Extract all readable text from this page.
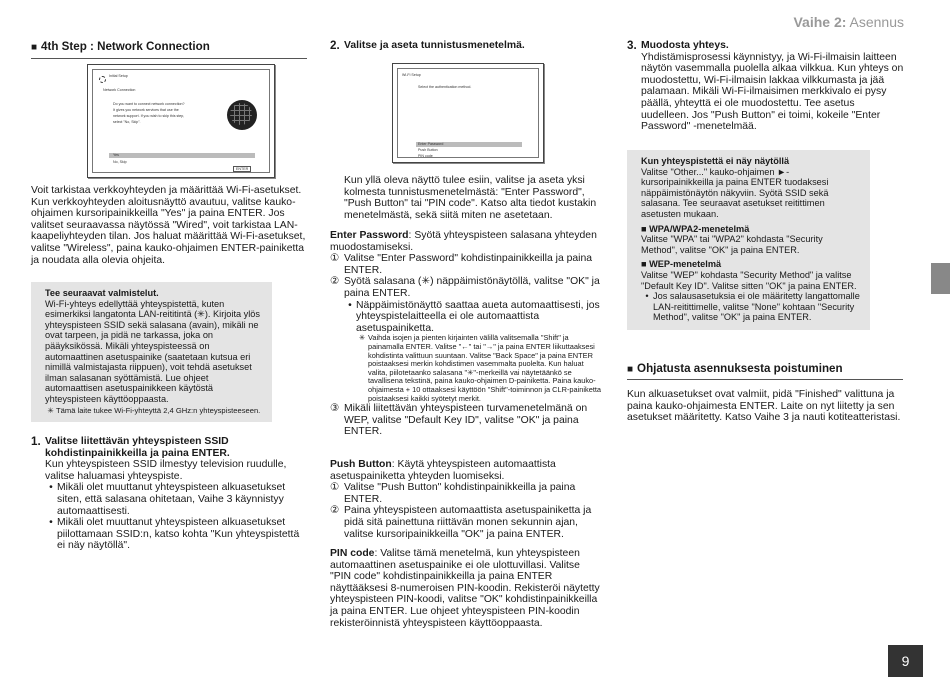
Vaihe 2: Asennus
■ 4th Step : Network Connection
Initial Setup
Network Connection
Do you want to connect network connection?
It gives you network services that use the
network support. If you wish to skip this step,
select "No, Skip".
Yes
No, Skip
ENTER

Voit tarkistaa verkkoyhteyden ja määrittää Wi-Fi-asetukset. Kun verkkoyhteyden aloitusnäyttö avautuu, valitse kauko-ohjaimen kursoripainikkeilla "Yes" ja paina ENTER. Jos valitset seuraavassa näytössä "Wired", voit tarkistaa LAN-kaapeliyhteyden tilan. Jos haluat määrittää Wi-Fi-asetukset, valitse "Wireless", paina kauko-ohjaimen ENTER-painiketta ja noudata alla olevia ohjeita.

Tee seuraavat valmistelut.
Wi-Fi-yhteys edellyttää yhteyspistettä, kuten esimerkiksi langatonta LAN-reititintä (✳). Kirjoita ylös yhteyspisteen SSID sekä salasana (avain), mikäli ne ovat tarpeen, ja pidä ne tarkassa, joka on pääyksikössä. Mikäli yhteyspisteessä on automaattinen asetuspainike (saatetaan kutsua eri nimillä valmistajasta riippuen), voit tehdä asetukset ilman salasanan syöttämistä. Lue ohjeet automaattisen asetuspainikkeen käytöstä yhteyspisteen käyttöoppaasta.
✳ Tämä laite tukee Wi-Fi-yhteyttä 2,4 GHz:n yhteyspisteeseen.
1. Valitse liitettävän yhteyspisteen SSID kohdistinpainikkeilla ja paina ENTER.

Kun yhteyspisteen SSID ilmestyy television ruudulle, valitse haluamasi yhteyspiste.

• Mikäli olet muuttanut yhteyspisteen alkuasetukset siten, että salasana ohitetaan, Vaihe 3 käynnistyy automaattisesti.
• Mikäli olet muuttanut yhteyspisteen alkuasetukset piilottamaan SSID:n, katso kohta "Kun yhteyspistettä ei näy näytöllä".
2. Valitse ja aseta tunnistusmenetelmä.
Wi-Fi Setup
Select the authentication method.
Enter Password
Push Button
PIN code

Kun yllä oleva näyttö tulee esiin, valitse ja aseta yksi kolmesta tunnistusmenetelmästä: "Enter Password", "Push Button" tai "PIN code". Katso alta tiedot kustakin menetelmästä, sekä siitä miten ne asetetaan.

Enter Password: Syötä yhteyspisteen salasana yhteyden muodostamiseksi.

① Valitse "Enter Password" kohdistinpainikkeilla ja paina ENTER.
② Syötä salasana (✳) näppäimistönäytöllä, valitse "OK" ja paina ENTER.
• Näppäimistönäyttö saattaa aueta automaattisesti, jos yhteyspistelaitteella ei ole automaattista asetuspainiketta.
✳ Vaihda isojen ja pienten kirjainten välillä valitsemalla "Shift" ja painamalla ENTER. Valitse "←" tai "→" ja paina ENTER liikuttaaksesi kohdistinta valittuun suuntaan. Valitse "Back Space" ja paina ENTER poistaaksesi merkin kohdistimen vasemmalta puolelta. Kun haluat valita, piilotetaanko salasana "✳"-merkeillä vai näytetäänkö se tavallisena tekstinä, paina kauko-ohjaimen D-painiketta. Paina kauko-ohjaimesta + 10 ottaaksesi käyttöön "Shift"-toiminnon ja CLR-painiketta poistaaksesi kaikki syötetyt merkit.
③ Mikäli liitettävän yhteyspisteen turvamenetelmänä on WEP, valitse "Default Key ID", valitse "OK" ja paina ENTER.

Push Button: Käytä yhteyspisteen automaattista asetuspainiketta yhteyden luomiseksi.

① Valitse "Push Button" kohdistinpainikkeilla ja paina ENTER.
② Paina yhteyspisteen automaattista asetuspainiketta ja pidä sitä painettuna riittävän monen sekunnin ajan, valitse kursoripainikkeilla "OK" ja paina ENTER.

PIN code: Valitse tämä menetelmä, kun yhteyspisteen automaattinen asetuspainike ei ole ulottuvillasi. Valitse "PIN code" kohdistinpainikkeilla ja paina ENTER näyttääksesi 8-numeroisen PIN-koodin. Rekisteröi näytetty yhteyspisteen PIN-koodi, valitse "OK" kohdistinpainikkeilla ja paina ENTER. Lue ohjeet yhteyspisteen PIN-koodin rekisteröinnistä yhteyspisteen käyttöoppaasta.

3. Muodosta yhteys.

Yhdistämisprosessi käynnistyy, ja Wi-Fi-ilmaisin laitteen näytön vasemmalla puolella alkaa vilkkua. Kun yhteys on muodostettu, Wi-Fi-ilmaisin lakkaa vilkkumasta ja jää palamaan. Mikäli Wi-Fi-ilmaisimen merkkivalo ei pysy päällä, yhteyttä ei ole muodostettu. Tee asetus uudelleen. Jos "Push Button" ei toimi, kokeile "Enter Password" -menetelmää.

Kun yhteyspistettä ei näy näytöllä
Valitse "Other..." kauko-ohjaimen ►-kursoripainikkeilla ja paina ENTER tuodaksesi näppäimistönäytön näkyviin. Syötä SSID sekä salasana. Tee seuraavat asetukset reitittimen asetusten mukaan.
■ WPA/WPA2-menetelmä
Valitse "WPA" tai "WPA2" kohdasta "Security Method", valitse "OK" ja paina ENTER.
■ WEP-menetelmä
Valitse "WEP" kohdasta "Security Method" ja valitse "Default Key ID". Valitse sitten "OK" ja paina ENTER.
• Jos salausasetuksia ei ole määritetty langattomalle LAN-reitittimelle, valitse "None" kohtaan "Security Method", valitse "OK" ja paina ENTER.
■ Ohjatusta asennuksesta poistuminen

Kun alkuasetukset ovat valmiit, pidä "Finished" valittuna ja paina kauko-ohjaimesta ENTER. Laite on nyt liitetty ja sen asetukset määritetty. Katso Vaihe 3 ja nauti kotiteatteristasi.

9
